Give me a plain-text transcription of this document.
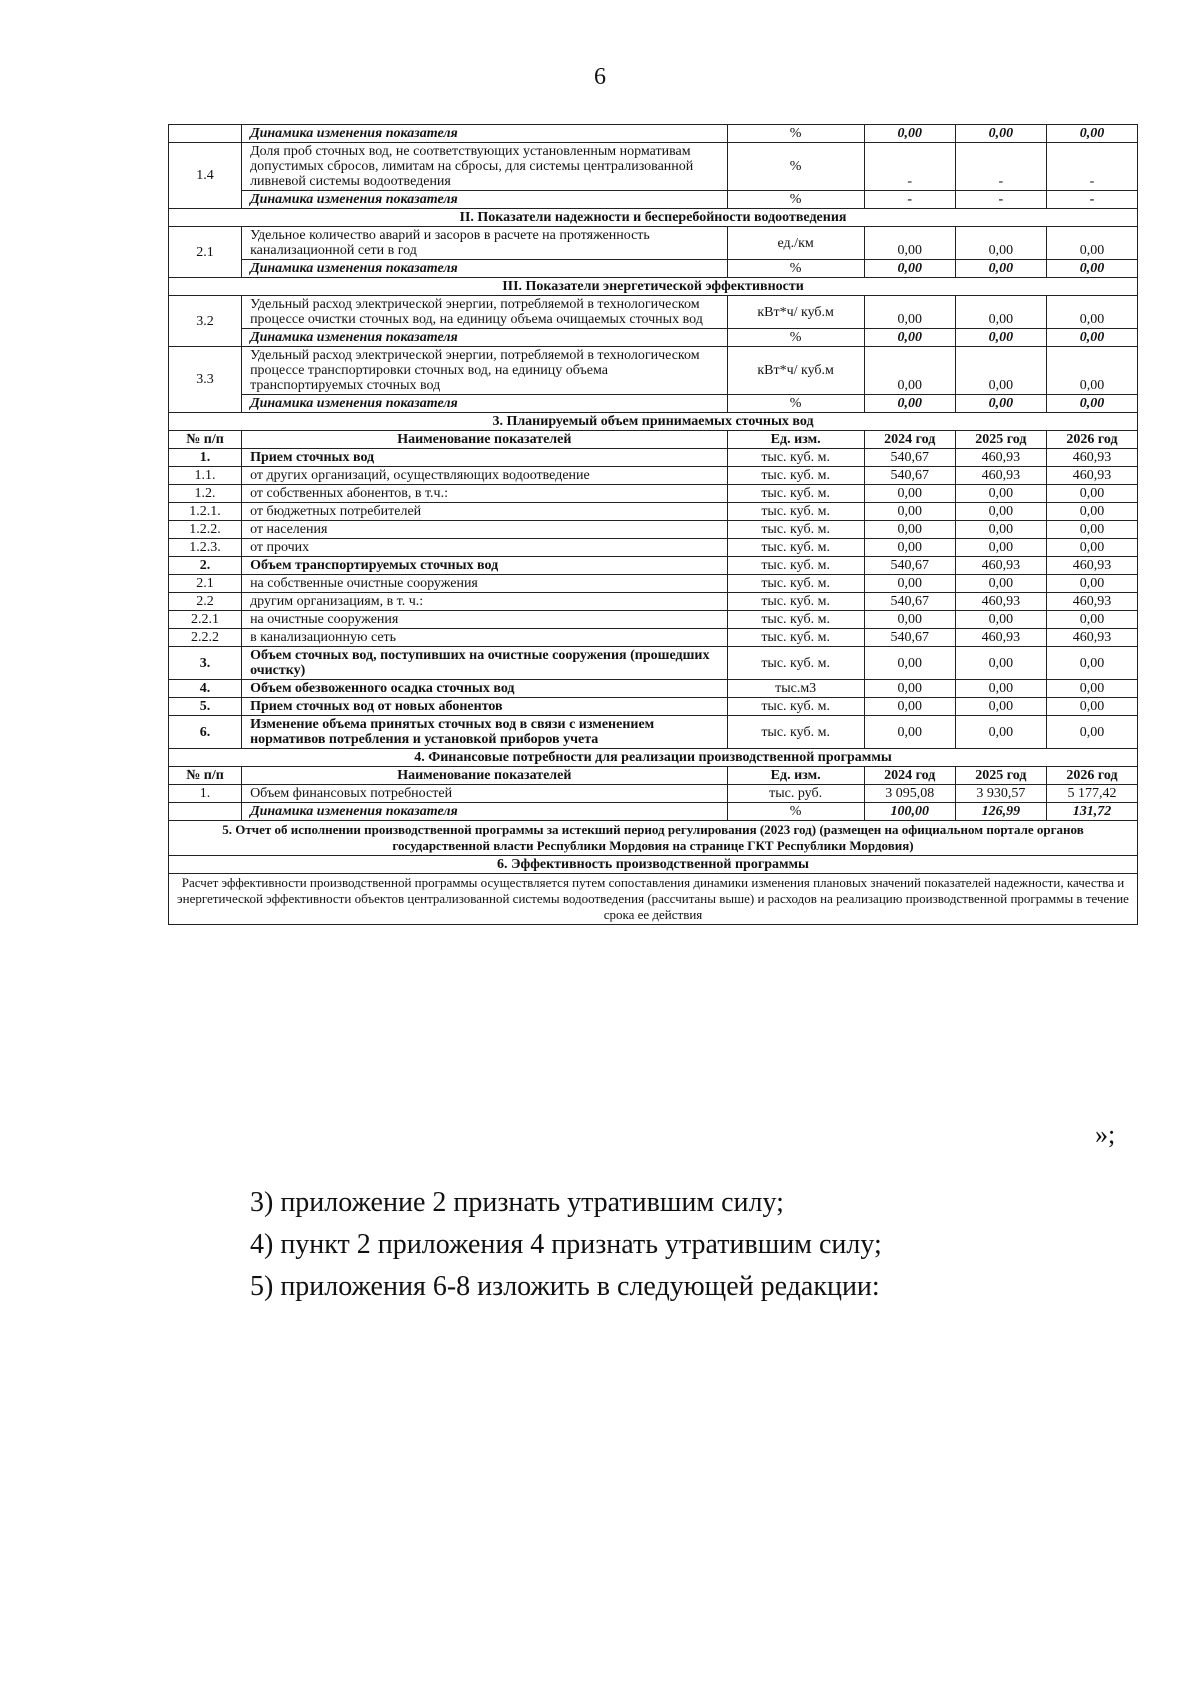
6
	Динамика изменения показателя	%	0,00	0,00	0,00
1.4	Доля проб сточных вод, не соответствующих установленным нормативам допустимых сбросов, лимитам на сбросы, для системы централизованной ливневой системы водоотведения	%	-	-	-
	Динамика изменения показателя	%	-	-	-
II. Показатели надежности и бесперебойности водоотведения					
2.1	Удельное количество аварий и засоров в расчете на протяженность канализационной сети в год	ед./км	0,00	0,00	0,00
	Динамика изменения показателя	%	0,00	0,00	0,00
III. Показатели энергетической эффективности					
3.2	Удельный расход электрической энергии, потребляемой в технологическом процессе очистки сточных вод, на единицу объема очищаемых сточных вод	кВт*ч/ куб.м	0,00	0,00	0,00
	Динамика изменения показателя	%	0,00	0,00	0,00
3.3	Удельный расход электрической энергии, потребляемой в технологическом процессе транспортировки сточных вод, на единицу объема транспортируемых сточных вод	кВт*ч/ куб.м	0,00	0,00	0,00
	Динамика изменения показателя	%	0,00	0,00	0,00
3. Планируемый объем принимаемых сточных вод					
№ п/п	Наименование показателей	Ед. изм.	2024 год	2025 год	2026 год
1.	Прием сточных вод	тыс. куб. м.	540,67	460,93	460,93
1.1.	от других организаций, осуществляющих водоотведение	тыс. куб. м.	540,67	460,93	460,93
1.2.	от собственных абонентов, в т.ч.:	тыс. куб. м.	0,00	0,00	0,00
1.2.1.	от бюджетных потребителей	тыс. куб. м.	0,00	0,00	0,00
1.2.2.	от населения	тыс. куб. м.	0,00	0,00	0,00
1.2.3.	от прочих	тыс. куб. м.	0,00	0,00	0,00
2.	Объем транспортируемых сточных вод	тыс. куб. м.	540,67	460,93	460,93
2.1	на собственные очистные сооружения	тыс. куб. м.	0,00	0,00	0,00
2.2	другим организациям, в т. ч.:	тыс. куб. м.	540,67	460,93	460,93
2.2.1	на очистные сооружения	тыс. куб. м.	0,00	0,00	0,00
2.2.2	в канализационную сеть	тыс. куб. м.	540,67	460,93	460,93
3.	Объем сточных вод, поступивших на очистные сооружения (прошедших очистку)	тыс. куб. м.	0,00	0,00	0,00
4.	Объем обезвоженного осадка сточных вод	тыс.м3	0,00	0,00	0,00
5.	Прием сточных вод от новых абонентов	тыс. куб. м.	0,00	0,00	0,00
6.	Изменение объема принятых сточных вод в связи с изменением нормативов потребления и установкой приборов учета	тыс. куб. м.	0,00	0,00	0,00
4. Финансовые потребности для реализации производственной программы					
№ п/п	Наименование показателей	Ед. изм.	2024 год	2025 год	2026 год
1.	Объем финансовых потребностей	тыс. руб.	3 095,08	3 930,57	5 177,42
	Динамика изменения показателя	%	100,00	126,99	131,72
5. Отчет об исполнении производственной программы за истекший период регулирования (2023 год) (размещен на официальном портале органов государственной власти Республики Мордовия на странице ГКТ Республики Мордовия)					
6. Эффективность производственной программы					
Расчет эффективности производственной программы осуществляется путем сопоставления динамики изменения плановых значений показателей надежности, качества и энергетической эффективности объектов централизованной системы водоотведения (рассчитаны выше) и расходов на реализацию производственной программы в течение срока ее действия					
»;
3) приложение 2 признать утратившим силу;
4) пункт 2 приложения 4 признать утратившим силу;
5) приложения 6-8 изложить в следующей редакции:
